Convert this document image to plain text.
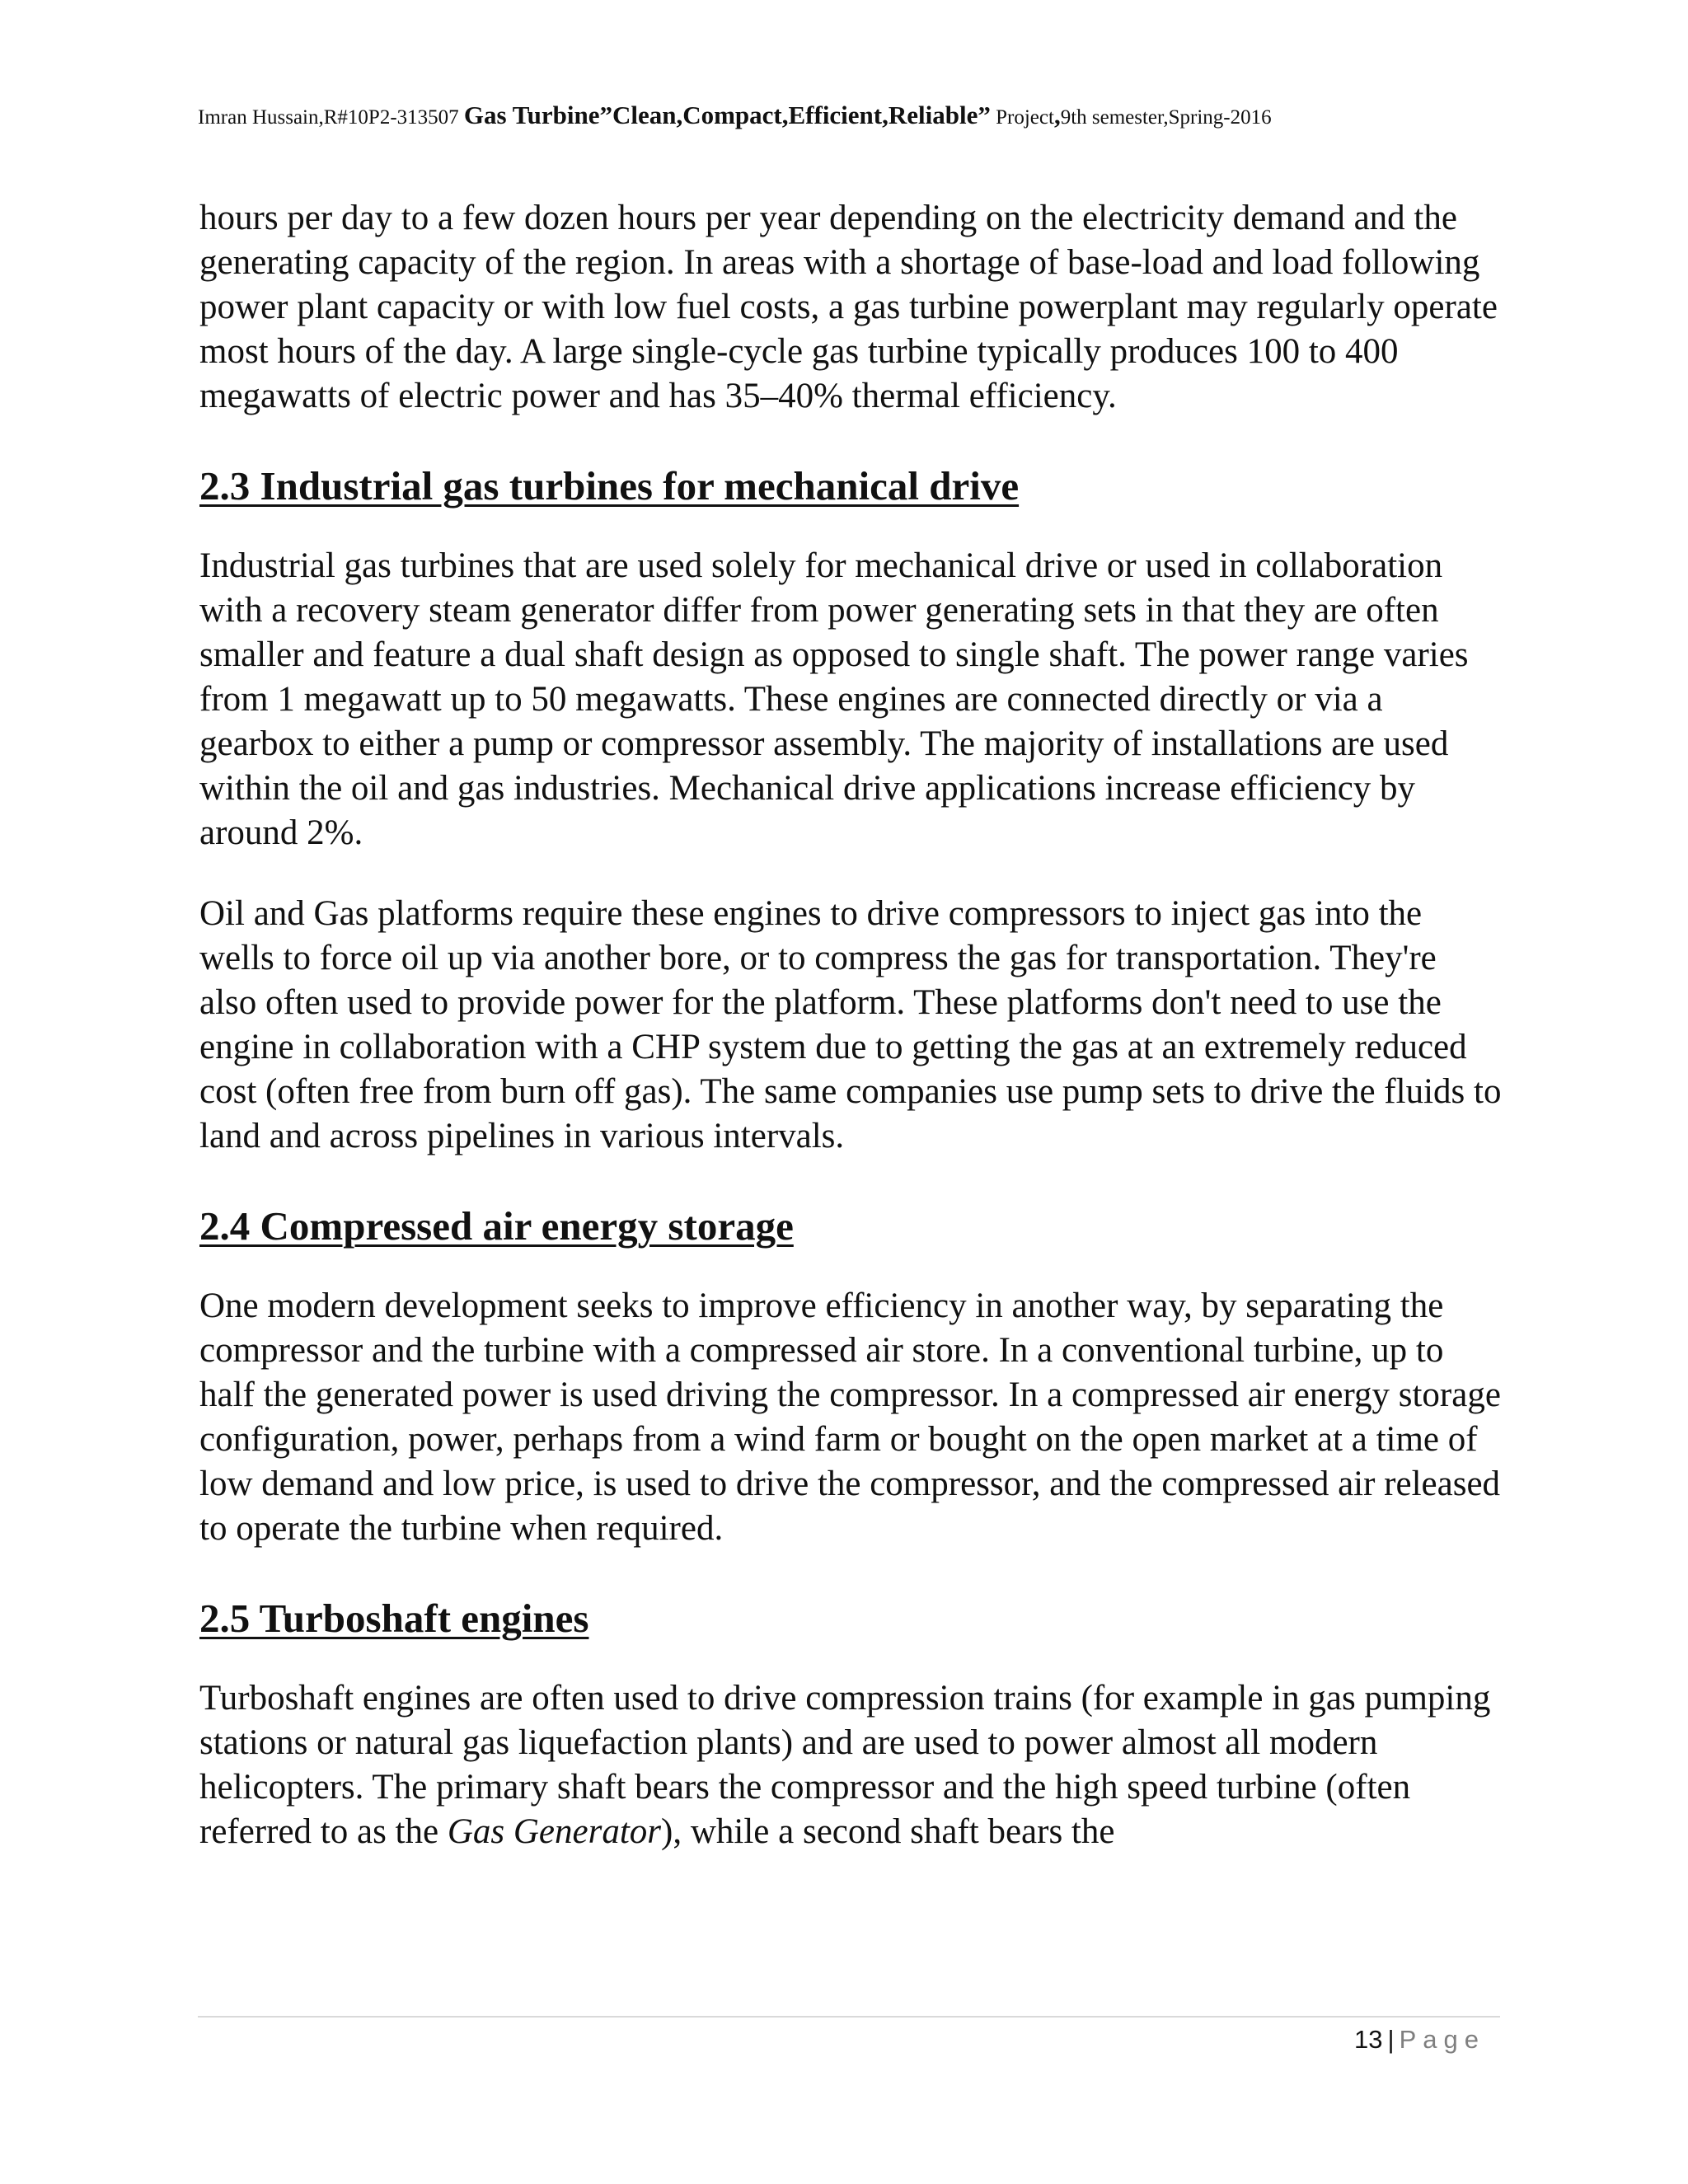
Imran Hussain,R#10P2-313507 Gas Turbine”Clean,Compact,Efficient,Reliable” Project,9th semester,Spring-2016

hours per day to a few dozen hours per year depending on the electricity demand and the generating capacity of the region. In areas with a shortage of base-load and load following power plant capacity or with low fuel costs, a gas turbine powerplant may regularly operate most hours of the day. A large single-cycle gas turbine typically produces 100 to 400 megawatts of electric power and has 35–40% thermal efficiency.

2.3 Industrial gas turbines for mechanical drive

Industrial gas turbines that are used solely for mechanical drive or used in collaboration with a recovery steam generator differ from power generating sets in that they are often smaller and feature a dual shaft design as opposed to single shaft. The power range varies from 1 megawatt up to 50 megawatts. These engines are connected directly or via a gearbox to either a pump or compressor assembly. The majority of installations are used within the oil and gas industries. Mechanical drive applications increase efficiency by around 2%.

Oil and Gas platforms require these engines to drive compressors to inject gas into the wells to force oil up via another bore, or to compress the gas for transportation. They're also often used to provide power for the platform. These platforms don't need to use the engine in collaboration with a CHP system due to getting the gas at an extremely reduced cost (often free from burn off gas). The same companies use pump sets to drive the fluids to land and across pipelines in various intervals.

2.4 Compressed air energy storage

One modern development seeks to improve efficiency in another way, by separating the compressor and the turbine with a compressed air store. In a conventional turbine, up to half the generated power is used driving the compressor. In a compressed air energy storage configuration, power, perhaps from a wind farm or bought on the open market at a time of low demand and low price, is used to drive the compressor, and the compressed air released to operate the turbine when required.

2.5 Turboshaft engines

Turboshaft engines are often used to drive compression trains (for example in gas pumping stations or natural gas liquefaction plants) and are used to power almost all modern helicopters. The primary shaft bears the compressor and the high speed turbine (often referred to as the Gas Generator), while a second shaft bears the

13 | Page
